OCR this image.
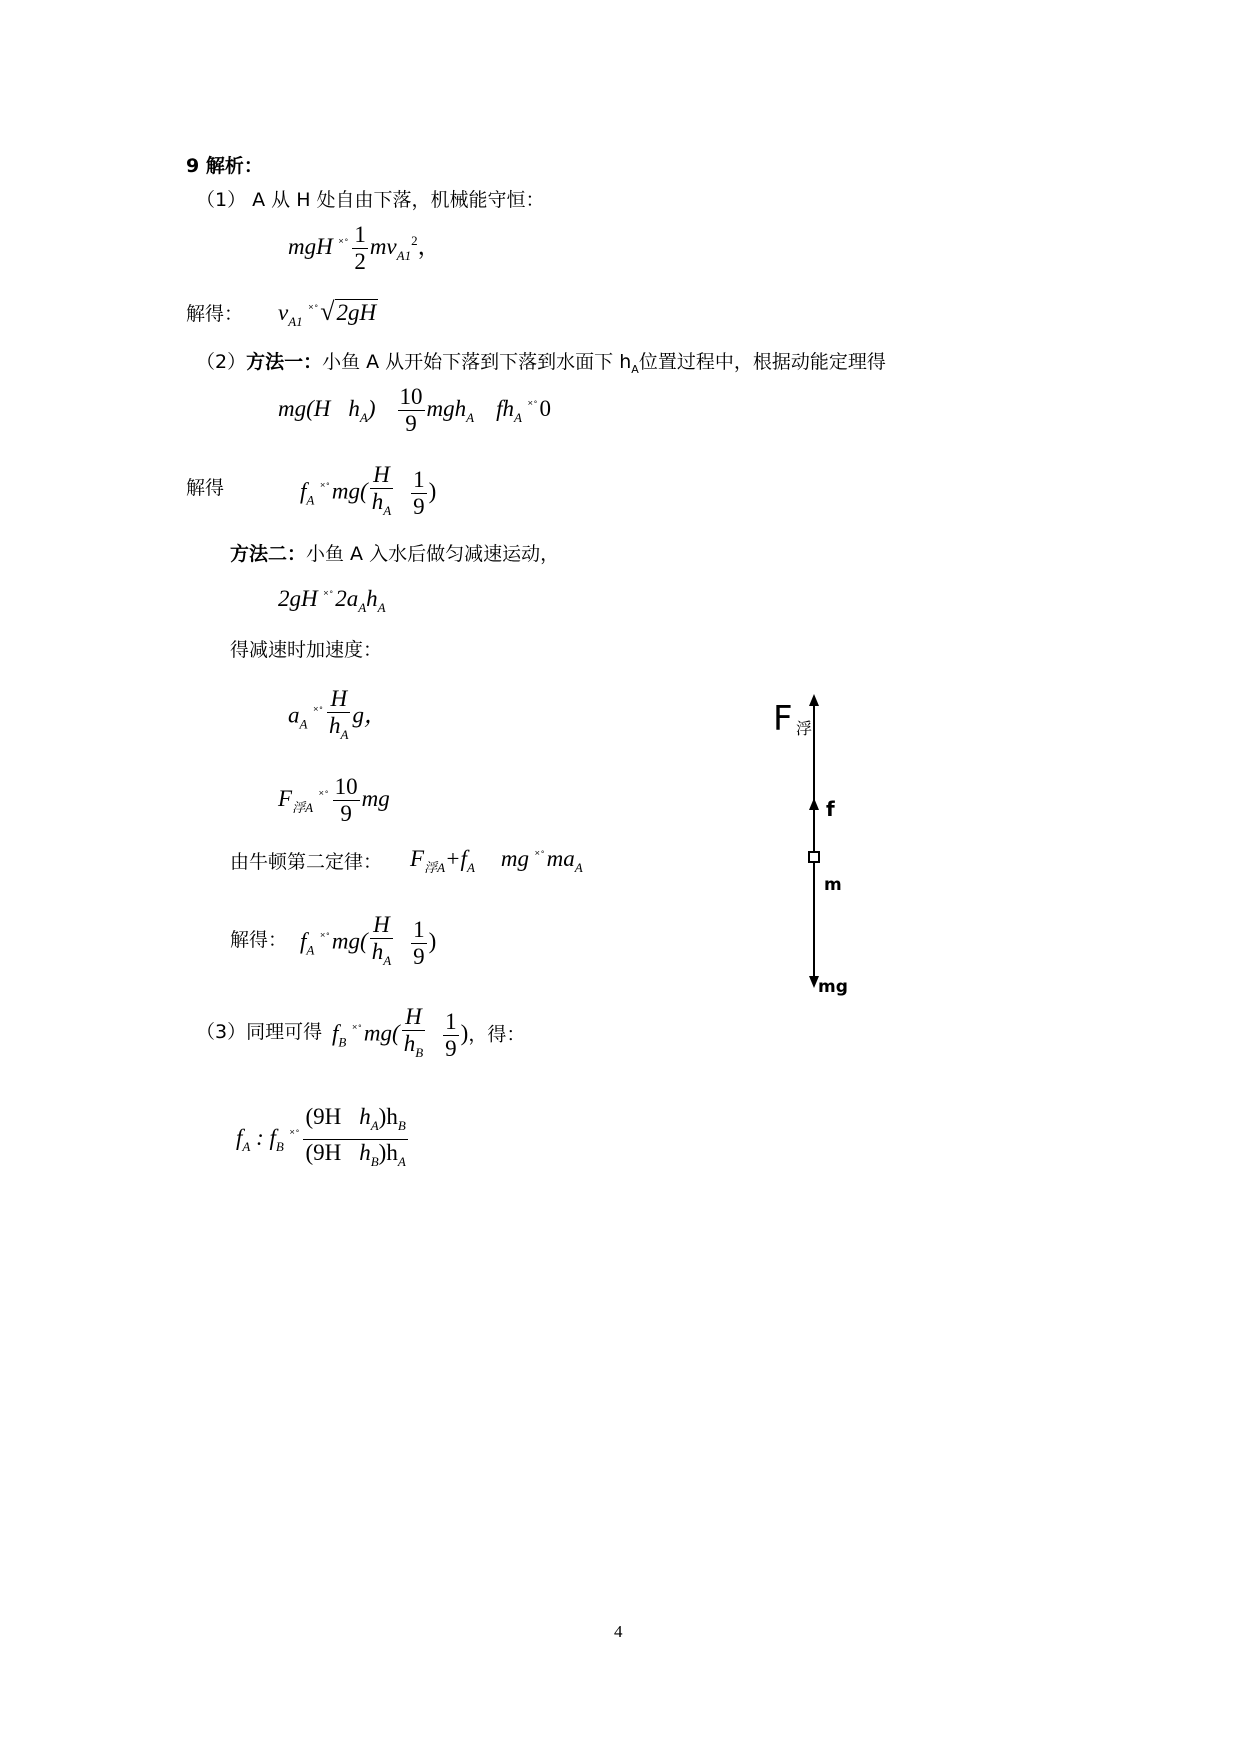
9 解析：
（1） A 从 H 处自由下落，机械能守恒：
mgH $^{˟ ˚} \frac{1}{2} mv_{A1}^2$，
解得： $v_{A1}^{˟ ˚}$ √2gH
（2）方法一：小鱼 A 从开始下落到下落到水面下 $h_A$位置过程中，根据动能定理得
mg(H $h_A) \frac{10}{9} mgh_A$ $fh_A^{˟ ˚}$ 0
解得	$f_A^{˟ ˚}$ $mg( \frac{H}{h_A} \frac{1}{9}$ )
方法二：小鱼 A 入水后做匀减速运动，
2gH ˟ ˚ $2a_Ah_A$
得减速时加速度：
$a_A^{˟ ˚} \frac{H}{h_A}$ g，
$F_{浮A}^{˟ ˚} \frac{10}{9}$ mg
由牛顿第二定律： $F_{浮A}+f_A$ mg ˟ ˚ $ma_A$
解得： $f_A^{˟ ˚}$ $mg( \frac{H}{h_A} \frac{1}{9}$ )
（3）同理可得 $f_B^{˟ ˚}$ $mg( \frac{H}{h_B} \frac{1}{9}$ )，得：
$f_A$ : $f_B^{˟ ˚} \frac{(9H h_A)h_B}{(9H h_B)h_A}$
F 浮
f
m
mg
4
